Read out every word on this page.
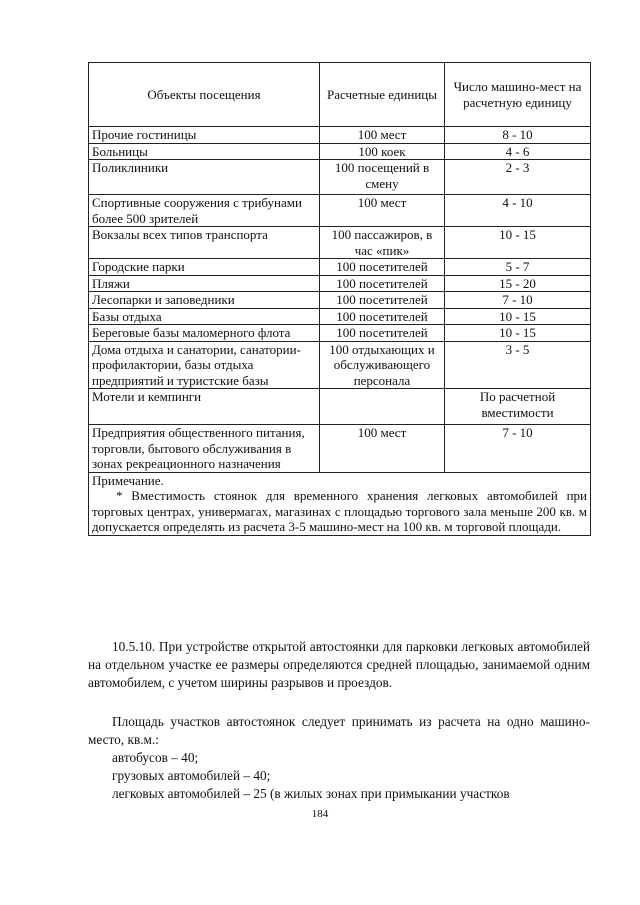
Объекты посещения	Расчетные единицы	Число машино-мест на расчетную единицу
Прочие гостиницы	100 мест	8 - 10
Больницы	100 коек	4 - 6
Поликлиники	100 посещений в смену	2 - 3
Спортивные сооружения с трибунами более 500 зрителей	100 мест	4 - 10
Вокзалы всех типов транспорта	100 пассажиров, в час «пик»	10 - 15
Городские парки	100 посетителей	5 - 7
Пляжи	100 посетителей	15 - 20
Лесопарки и заповедники	100 посетителей	7 - 10
Базы отдыха	100 посетителей	10 - 15
Береговые базы маломерного флота	100 посетителей	10 - 15
Дома отдыха и санатории, санатории-профилактории, базы отдыха предприятий и туристские базы	100 отдыхающих и обслуживающего персонала	3 - 5
Мотели и кемпинги		По расчетной вместимости
Предприятия общественного питания, торговли, бытового обслуживания в зонах рекреационного назначения	100 мест	7 - 10

Примечание.
* Вместимость стоянок для временного хранения легковых автомобилей при торговых центрах, универмагах, магазинах с площадью торгового зала меньше 200 кв. м допускается определять из расчета 3-5 машино-мест на 100 кв. м торговой площади.		

10.5.10. При устройстве открытой автостоянки для парковки легковых автомобилей на отдельном участке ее размеры определяются средней площадью, занимаемой одним автомобилем, с учетом ширины разрывов и проездов.

Площадь участков автостоянок следует принимать из расчета на одно машино-место, кв.м.:

автобусов – 40;
грузовых автомобилей – 40;
легковых автомобилей – 25 (в жилых зонах при примыкании участков
184
